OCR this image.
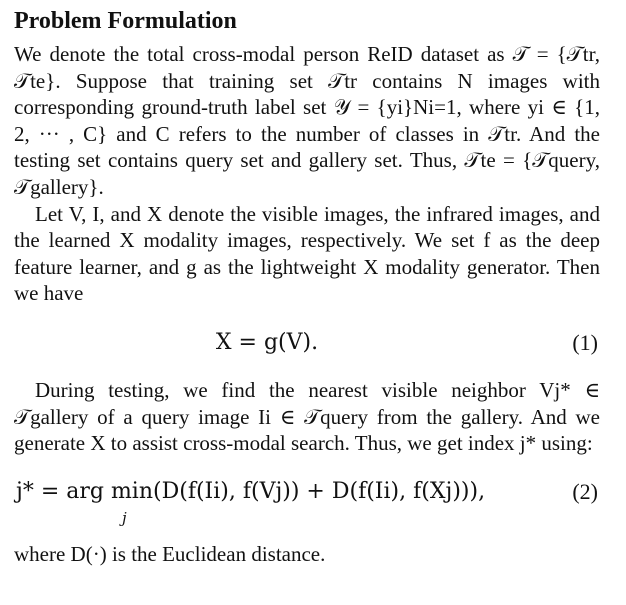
Problem Formulation

We denote the total cross-modal person ReID dataset as 𝒯 = {𝒯tr, 𝒯te}. Suppose that training set 𝒯tr contains N images with corresponding ground-truth label set 𝒴 = {yi}Ni=1, where yi ∈ {1, 2, ··· , C} and C refers to the number of classes in 𝒯tr. And the testing set contains query set and gallery set. Thus, 𝒯te = {𝒯query, 𝒯gallery}.

Let V, I, and X denote the visible images, the infrared images, and the learned X modality images, respectively. We set f as the deep feature learner, and g as the lightweight X modality generator. Then we have

X = g(V).	(1)

During testing, we find the nearest visible neighbor Vj* ∈ 𝒯gallery of a query image Ii ∈ 𝒯query from the gallery. And we generate X to assist cross-modal search. Thus, we get index j* using:

j* = arg min(D(f(Ii), f(Vj)) + D(f(Ii), f(Xj))),
j
(2)

where D(·) is the Euclidean distance.
